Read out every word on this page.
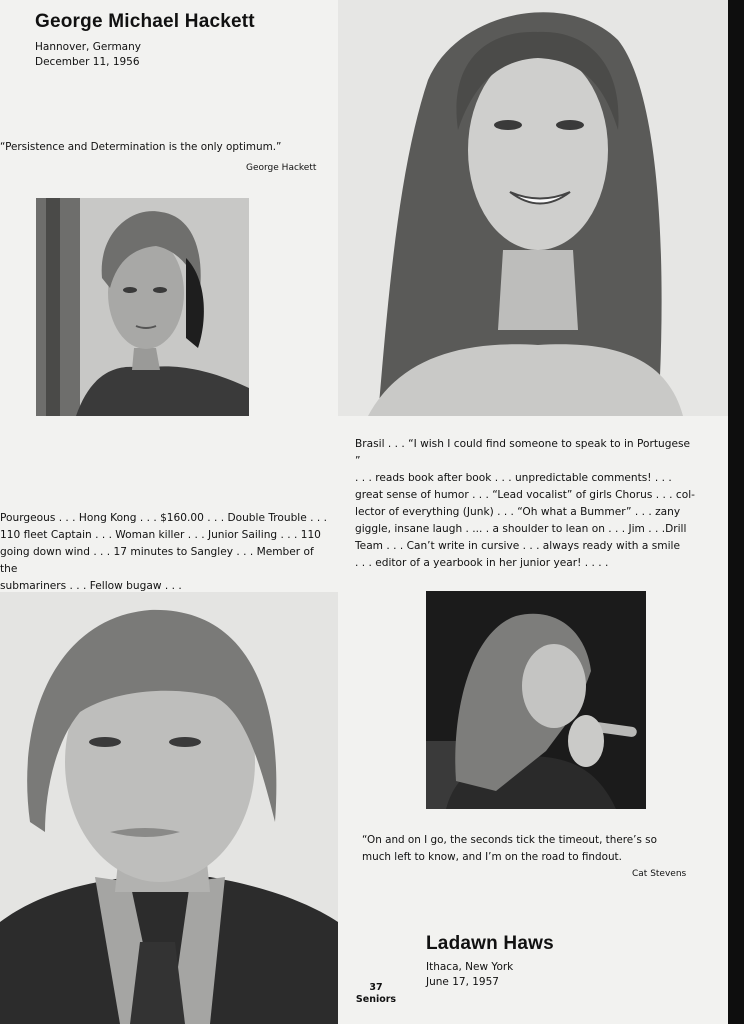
George Michael Hackett
Hannover, Germany
December 11, 1956
“Persistence and Determination is the only optimum.”
George Hackett
Brasil . . . “I wish I could find someone to speak to in Portugese ”
. . . reads book after book . . . unpredictable comments! . . .
great sense of humor . . . “Lead vocalist” of girls Chorus . . . col-
lector of everything (Junk) . . . “Oh what a Bummer” . . . zany
giggle, insane laugh . ... . a shoulder to lean on . . . Jim . . .Drill
Team . . . Can’t write in cursive . . . always ready with a smile
. . . editor of a yearbook in her junior year! . . . .
Pourgeous . . . Hong Kong . . . $160.00 . . . Double Trouble . . .
110 fleet Captain . . . Woman killer . . . Junior Sailing . . . 110
going down wind . . . 17 minutes to Sangley . . . Member of the
submariners . . . Fellow bugaw . . .
“On and on I go, the seconds tick the timeout, there’s so
much left to know, and I’m on the road to findout.
Cat Stevens
Ladawn Haws
Ithaca, New York
June 17, 1957
37
Seniors
